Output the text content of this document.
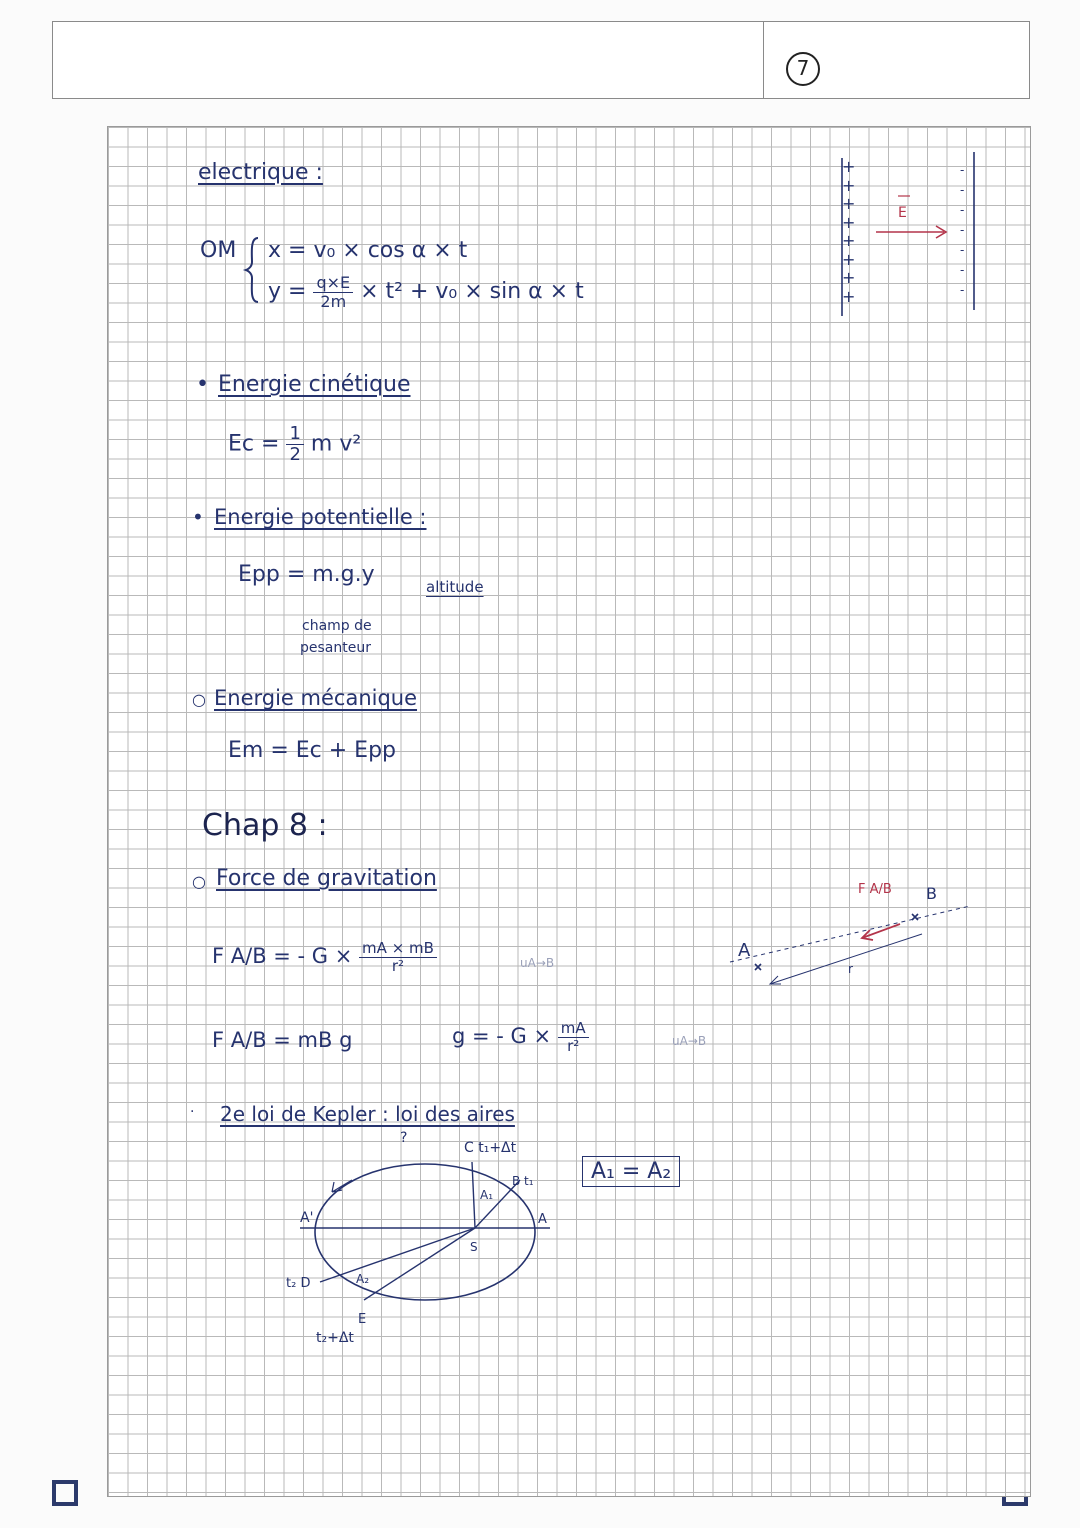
7
electrique :
OM x = v₀ × cos α × t
$y = \frac{q\times E}{2m} \times t^2 + v_0 \times \sin \alpha \times t$
+
+
+
+
+
+
+
+
E
-
-
-
-
-
-
-
• Energie cinétique
$Ec = \frac{1}{2}$ m v²
• Energie potentielle :
Epp = m.g.y	altitude
champ de
pesanteur
○ Energie mécanique
Em = Ec + Epp
Chap 8 :
○ Force de gravitation
F A/B = - $G \times \frac{mA \times mB}{\text{r²}}$	uA→B
F A/B = mB g	g = - $G \times \frac{mA}{\text{r²}}$	uA→B
A
B
F A/B
r
· 2e loi de Kepler : loi des aires
A₁ = A₂
?
C t₁+Δt
A₁
B t₁
A
A'
S
t₂ D	A₂
E
t₂+Δt
